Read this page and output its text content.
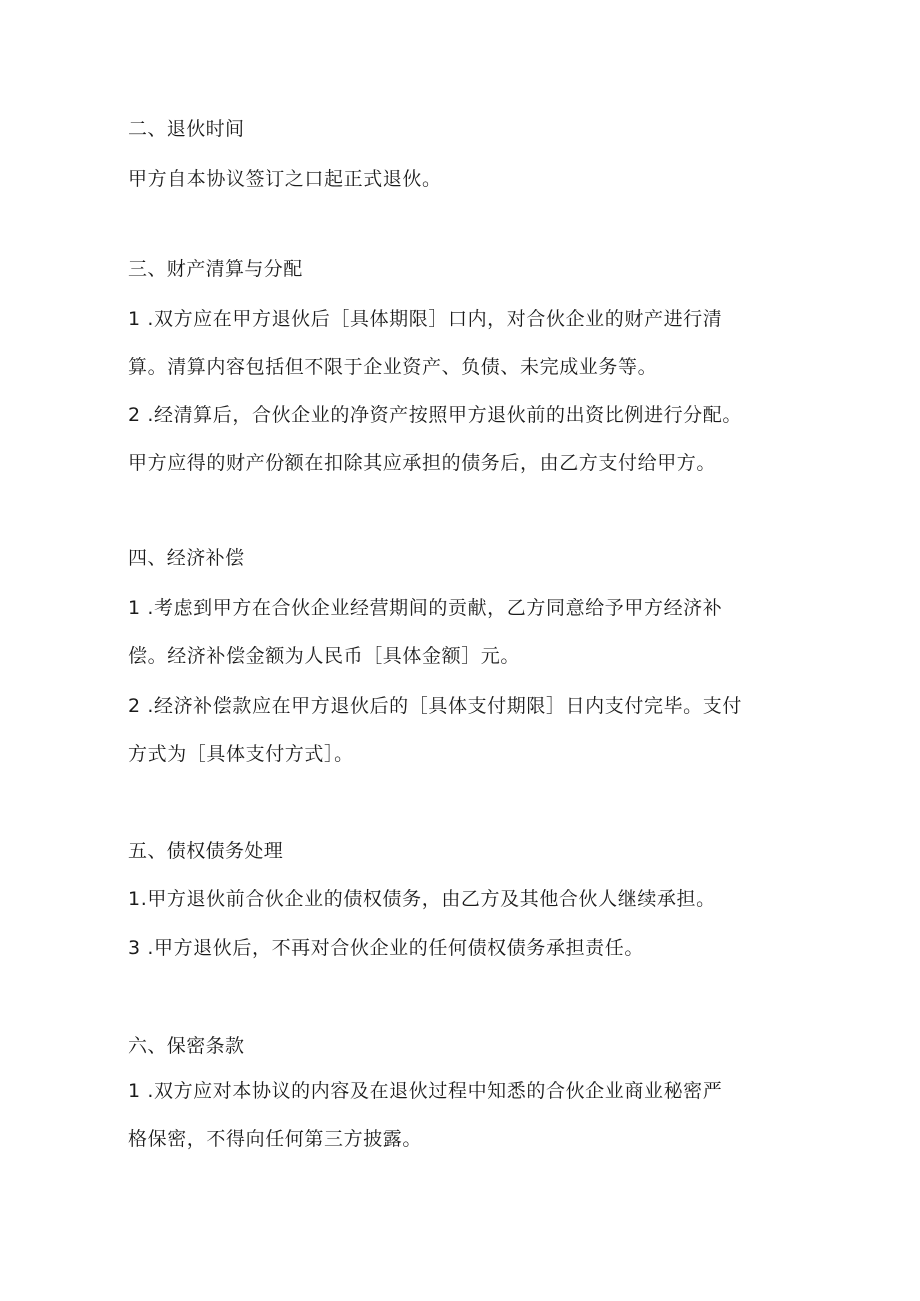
二、退伙时间
甲方自本协议签订之口起正式退伙。
三、财产清算与分配
1 .双方应在甲方退伙后［具体期限］口内，对合伙企业的财产进行清
算。清算内容包括但不限于企业资产、负债、未完成业务等。
2 .经清算后，合伙企业的净资产按照甲方退伙前的出资比例进行分配。
甲方应得的财产份额在扣除其应承担的债务后，由乙方支付给甲方。
四、经济补偿
1 .考虑到甲方在合伙企业经营期间的贡献，乙方同意给予甲方经济补
偿。经济补偿金额为人民币［具体金额］元。
2 .经济补偿款应在甲方退伙后的［具体支付期限］日内支付完毕。支付
方式为［具体支付方式］。
五、债权债务处理
1.甲方退伙前合伙企业的债权债务，由乙方及其他合伙人继续承担。
3 .甲方退伙后，不再对合伙企业的任何债权债务承担责任。
六、保密条款
1 .双方应对本协议的内容及在退伙过程中知悉的合伙企业商业秘密严
格保密，不得向任何第三方披露。
